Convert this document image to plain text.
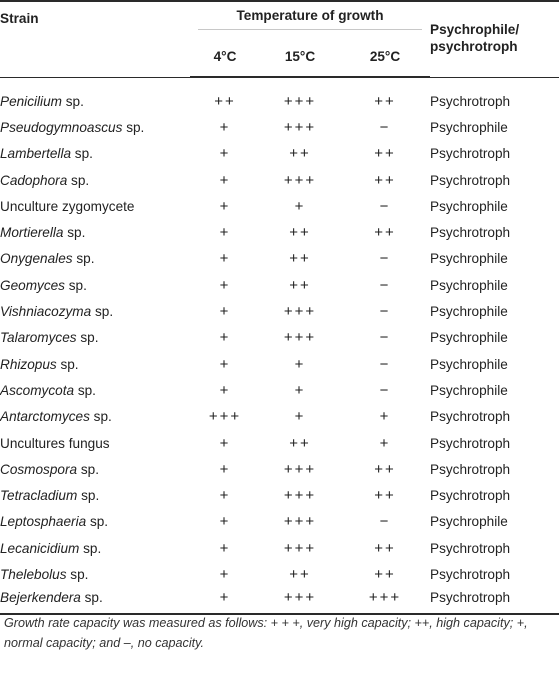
Strain	Temperature of growth			Psychrophile/
psychrotroph

	4°C	15°C	25°C	

Penicilium sp.	++	+++	++	Psychrotroph
Pseudogymnoascus sp.	+	+++	−	Psychrophile
Lambertella sp.	+	++	++	Psychrotroph
Cadophora sp.	+	+++	++	Psychrotroph
Unculture zygomycete	+	+	−	Psychrophile
Mortierella sp.	+	++	++	Psychrotroph
Onygenales sp.	+	++	−	Psychrophile
Geomyces sp.	+	++	−	Psychrophile
Vishniacozyma sp.	+	+++	−	Psychrophile
Talaromyces sp.	+	+++	−	Psychrophile
Rhizopus sp.	+	+	−	Psychrophile
Ascomycota sp.	+	+	−	Psychrophile
Antarctomyces sp.	+++	+	+	Psychrotroph
Uncultures fungus	+	++	+	Psychrotroph
Cosmospora sp.	+	+++	++	Psychrotroph
Tetracladium sp.	+	+++	++	Psychrotroph
Leptosphaeria sp.	+	+++	−	Psychrophile
Lecanicidium sp.	+	+++	++	Psychrotroph
Thelebolus sp.	+	++	++	Psychrotroph
Bejerkendera sp.	+	+++	+++	Psychrotroph
Growth rate capacity was measured as follows: + + +, very high capacity; ++, high capacity; +, normal capacity; and –, no capacity.
